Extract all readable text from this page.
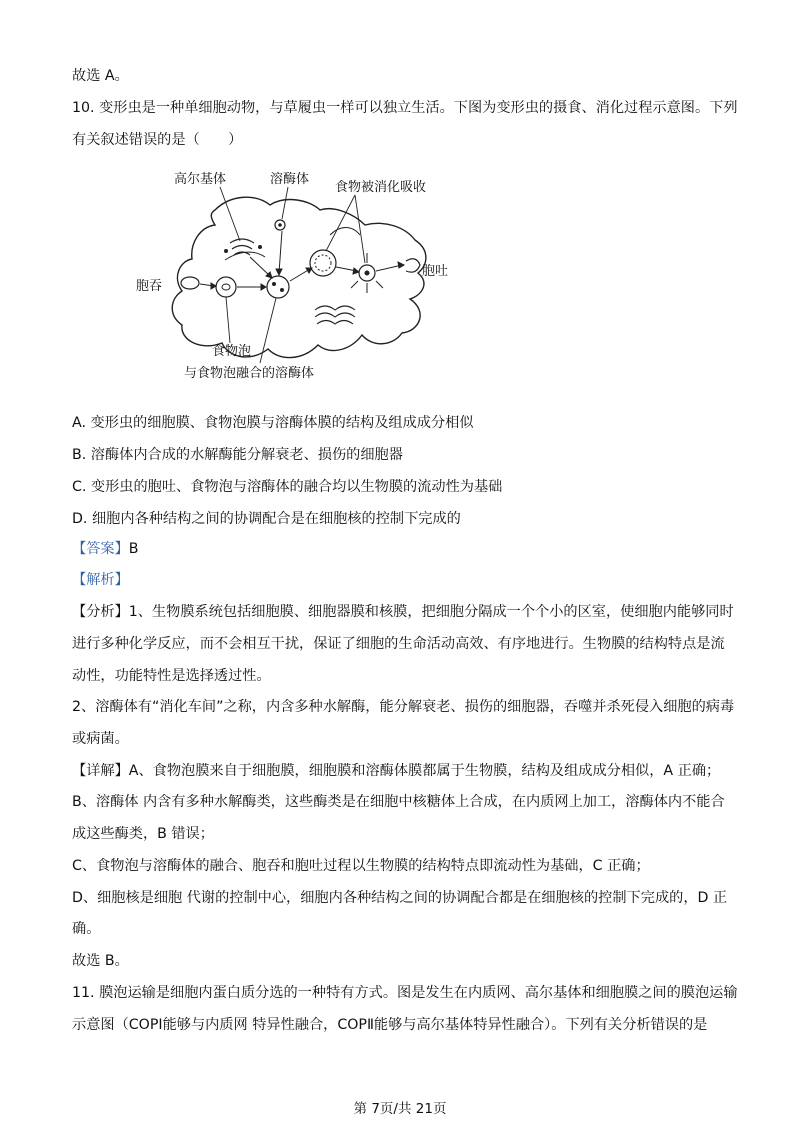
故选 A。
10. 变形虫是一种单细胞动物，与草履虫一样可以独立生活。下图为变形虫的摄食、消化过程示意图。下列
有关叙述错误的是（　　）
高尔基体	溶酶体
食物被消化吸收
胞吞
胞吐
食物泡
与食物泡融合的溶酶体
A. 变形虫的细胞膜、食物泡膜与溶酶体膜的结构及组成成分相似
B. 溶酶体内合成的水解酶能分解衰老、损伤的细胞器
C. 变形虫的胞吐、食物泡与溶酶体的融合均以生物膜的流动性为基础
D. 细胞内各种结构之间的协调配合是在细胞核的控制下完成的
【答案】B
【解析】
【分析】1、生物膜系统包括细胞膜、细胞器膜和核膜，把细胞分隔成一个个小的区室，使细胞内能够同时
进行多种化学反应，而不会相互干扰，保证了细胞的生命活动高效、有序地进行。生物膜的结构特点是流
动性，功能特性是选择透过性。
2、溶酶体有“消化车间”之称，内含多种水解酶，能分解衰老、损伤的细胞器，吞噬并杀死侵入细胞的病毒
或病菌。
【详解】A、食物泡膜来自于细胞膜，细胞膜和溶酶体膜都属于生物膜，结构及组成成分相似，A 正确；
B、溶酶体 内含有多种水解酶类，这些酶类是在细胞中核糖体上合成，在内质网上加工，溶酶体内不能合
成这些酶类，B 错误；
C、食物泡与溶酶体的融合、胞吞和胞吐过程以生物膜的结构特点即流动性为基础，C 正确；
D、细胞核是细胞 代谢的控制中心，细胞内各种结构之间的协调配合都是在细胞核的控制下完成的，D 正
确。
故选 B。
11. 膜泡运输是细胞内蛋白质分选的一种特有方式。图是发生在内质网、高尔基体和细胞膜之间的膜泡运输
示意图（COPⅠ能够与内质网 特异性融合，COPⅡ能够与高尔基体特异性融合）。下列有关分析错误的是
第 7页/共 21页
